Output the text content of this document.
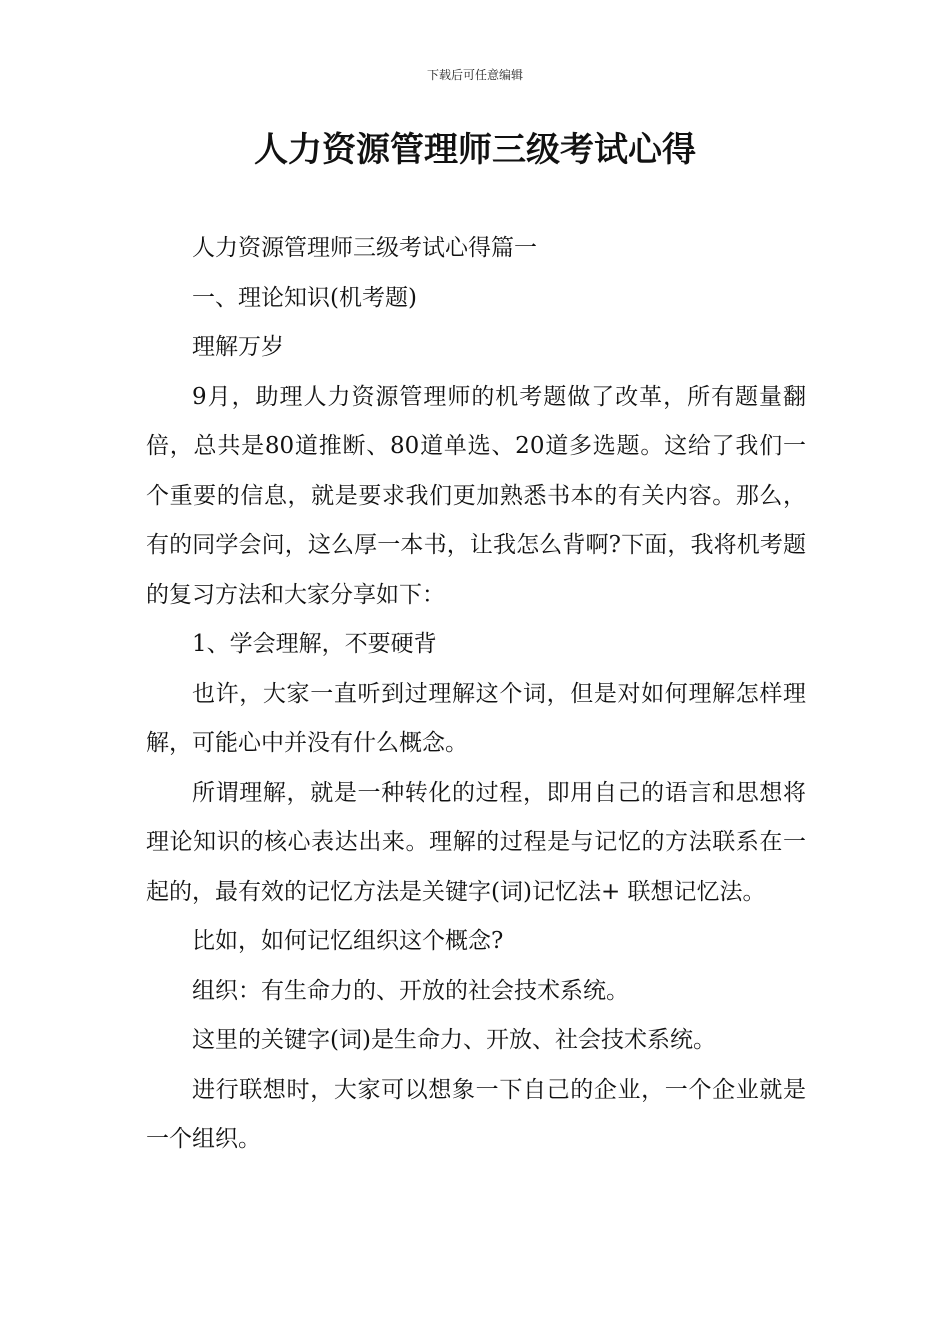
下载后可任意编辑
人力资源管理师三级考试心得

人力资源管理师三级考试心得篇一

一、理论知识(机考题)

理解万岁

9月，助理人力资源管理师的机考题做了改革，所有题量翻倍，总共是80道推断、80道单选、20道多选题。这给了我们一个重要的信息，就是要求我们更加熟悉书本的有关内容。那么，有的同学会问，这么厚一本书，让我怎么背啊?下面，我将机考题的复习方法和大家分享如下：

1、学会理解，不要硬背

也许，大家一直听到过理解这个词，但是对如何理解怎样理解，可能心中并没有什么概念。

所谓理解，就是一种转化的过程，即用自己的语言和思想将理论知识的核心表达出来。理解的过程是与记忆的方法联系在一起的，最有效的记忆方法是关键字(词)记忆法+ 联想记忆法。

比如，如何记忆组织这个概念?

组织：有生命力的、开放的社会技术系统。

这里的关键字(词)是生命力、开放、社会技术系统。

进行联想时，大家可以想象一下自己的企业，一个企业就是一个组织。
